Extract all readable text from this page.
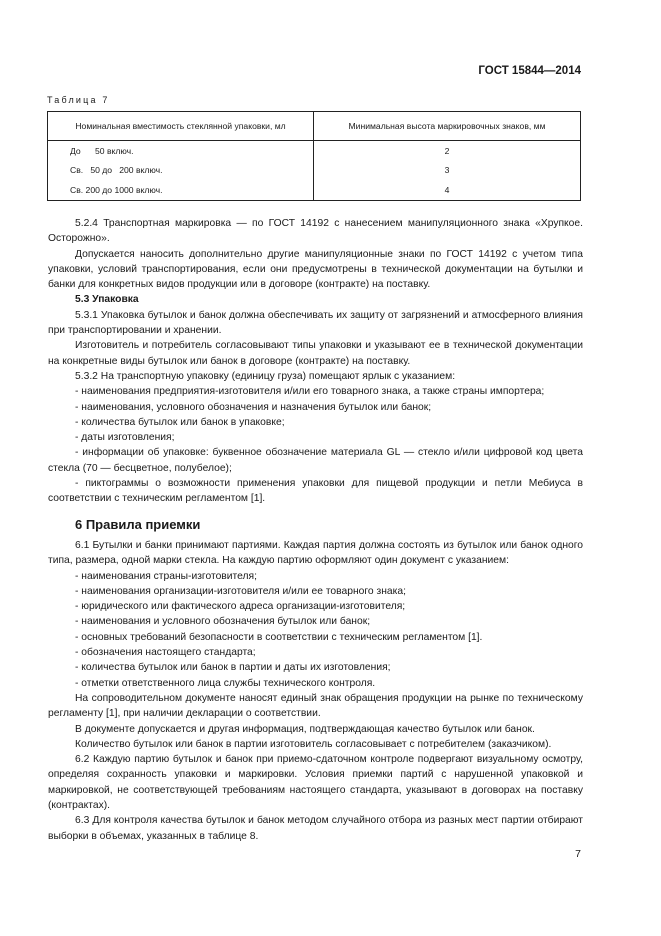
ГОСТ 15844—2014
Таблица 7
Номинальная вместимость стеклянной упаковки, мл	Минимальная высота маркировочных знаков, мм
До      50 включ.	2
Св.   50 до   200 включ.	3
Св. 200 до 1000 включ.	4

5.2.4 Транспортная маркировка — по ГОСТ 14192 с нанесением манипуляционного знака «Хрупкое. Осторожно».

Допускается наносить дополнительно другие манипуляционные знаки по ГОСТ 14192 с учетом типа упаковки, условий транспортирования, если они предусмотрены в технической документации на бутылки и банки для конкретных видов продукции или в договоре (контракте) на поставку.

5.3 Упаковка

5.3.1 Упаковка бутылок и банок должна обеспечивать их защиту от загрязнений и атмосферного влияния при транспортировании и хранении.

Изготовитель и потребитель согласовывают типы упаковки и указывают ее в технической документации на конкретные виды бутылок или банок в договоре (контракте) на поставку.

5.3.2 На транспортную упаковку (единицу груза) помещают ярлык с указанием:

- наименования предприятия-изготовителя и/или его товарного знака, а также страны импортера;

- наименования, условного обозначения и назначения бутылок или банок;

- количества бутылок или банок в упаковке;

- даты изготовления;

- информации об упаковке: буквенное обозначение материала GL — стекло и/или цифровой код цвета стекла (70 — бесцветное, полубелое);

- пиктограммы о возможности применения упаковки для пищевой продукции и петли Мебиуса в соответствии с техническим регламентом [1].

6 Правила приемки

6.1 Бутылки и банки принимают партиями. Каждая партия должна состоять из бутылок или банок одного типа, размера, одной марки стекла. На каждую партию оформляют один документ с указанием:

- наименования страны-изготовителя;

- наименования организации-изготовителя и/или ее товарного знака;

- юридического или фактического адреса организации-изготовителя;

- наименования и условного обозначения бутылок или банок;

- основных требований безопасности в соответствии с техническим регламентом [1].

- обозначения настоящего стандарта;

- количества бутылок или банок в партии и даты их изготовления;

- отметки ответственного лица службы технического контроля.

На сопроводительном документе наносят единый знак обращения продукции на рынке по техническому регламенту [1], при наличии декларации о соответствии.

В документе допускается и другая информация, подтверждающая качество бутылок или банок.

Количество бутылок или банок в партии изготовитель согласовывает с потребителем (заказчиком).

6.2 Каждую партию бутылок и банок при приемо-сдаточном контроле подвергают визуальному осмотру, определяя сохранность упаковки и маркировки. Условия приемки партий с нарушенной упаковкой и маркировкой, не соответствующей требованиям настоящего стандарта, указывают в договорах на поставку (контрактах).

6.3 Для контроля качества бутылок и банок методом случайного отбора из разных мест партии отбирают выборки в объемах, указанных в таблице 8.

7
